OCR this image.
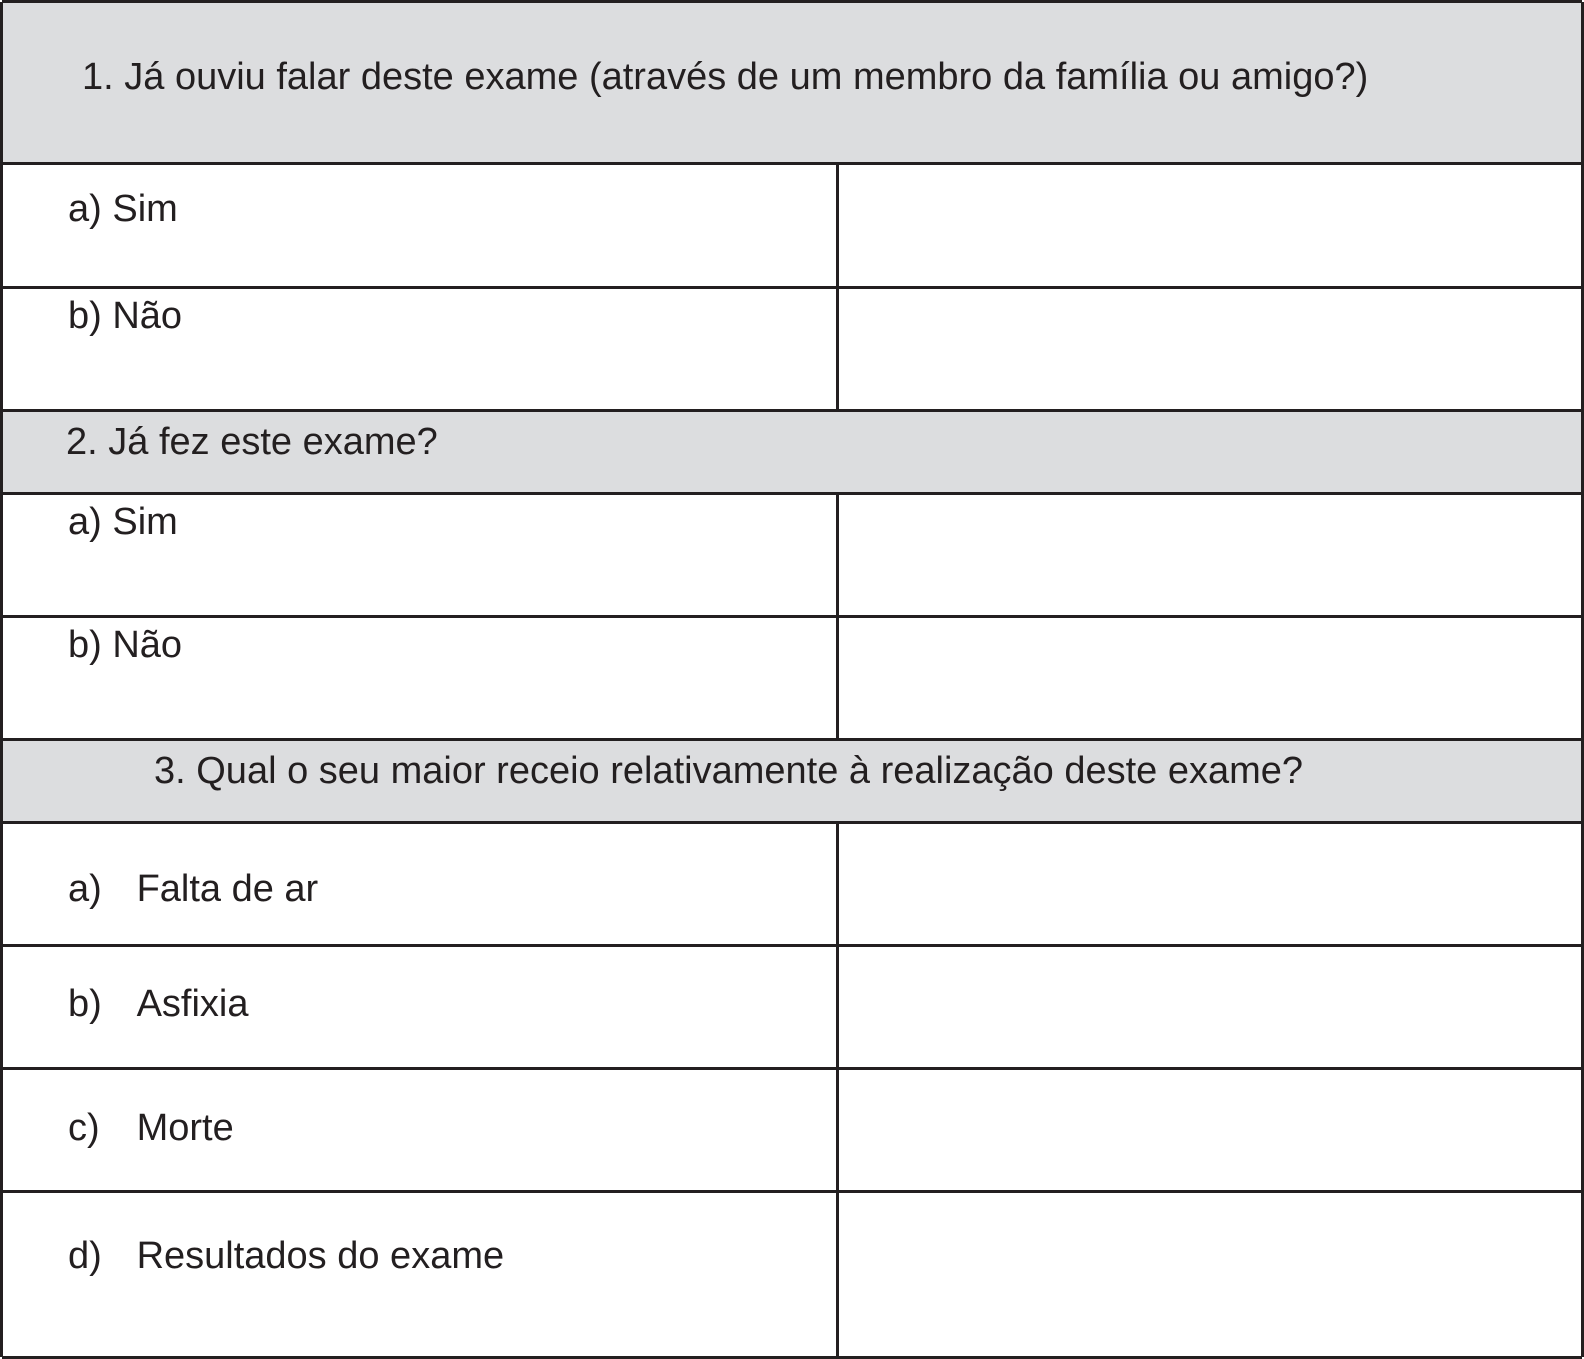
1. Já ouviu falar deste exame (através de um membro da família ou amigo?)
a) Sim
b) Não
2. Já fez este exame?
a) Sim
b) Não
3. Qual o seu maior receio relativamente à realização deste exame?
a) Falta de ar
b) Asfixia
c) Morte
d) Resultados do exame
